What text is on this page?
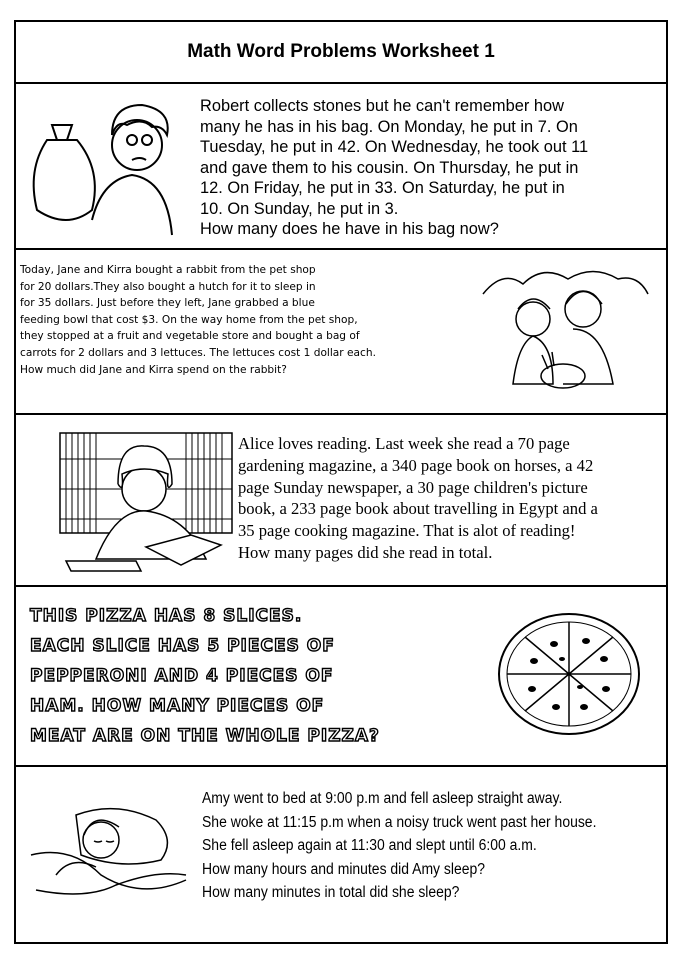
Math Word Problems Worksheet 1
Robert collects stones but he can't remember how
many he has in his bag. On Monday, he put in 7. On
Tuesday, he put in 42. On Wednesday, he took out 11
and gave them to his cousin. On Thursday, he put in
12. On Friday, he put in 33. On Saturday, he put in
10. On Sunday, he put in 3.
How many does he have in his bag now?
Today, Jane and Kirra bought a rabbit from the pet shop
for 20 dollars.They also bought a hutch for it to sleep in
for 35 dollars. Just before they left, Jane grabbed a blue
feeding bowl that cost $3. On the way home from the pet shop,
they stopped at a fruit and vegetable store and bought a bag of
carrots for 2 dollars and 3 lettuces. The lettuces cost 1 dollar each.
How much did Jane and Kirra spend on the rabbit?
Alice loves reading. Last week she read a 70 page
gardening magazine, a 340 page book on horses, a 42
page Sunday newspaper, a 30 page children's picture
book, a 233 page book about travelling in Egypt and a
35 page cooking magazine. That is alot of reading!
How many pages did she read in total.
THIS PIZZA HAS 8 SLICES.
EACH SLICE HAS 5 PIECES OF
PEPPERONI AND 4 PIECES OF
HAM. HOW MANY PIECES OF
MEAT ARE ON THE WHOLE PIZZA?
Amy went to bed at 9:00 p.m and fell asleep straight away.
She woke at 11:15 p.m when a noisy truck went past her house.
She fell asleep again at 11:30 and slept until 6:00 a.m.
How many hours and minutes did Amy sleep?
How many minutes in total did she sleep?
